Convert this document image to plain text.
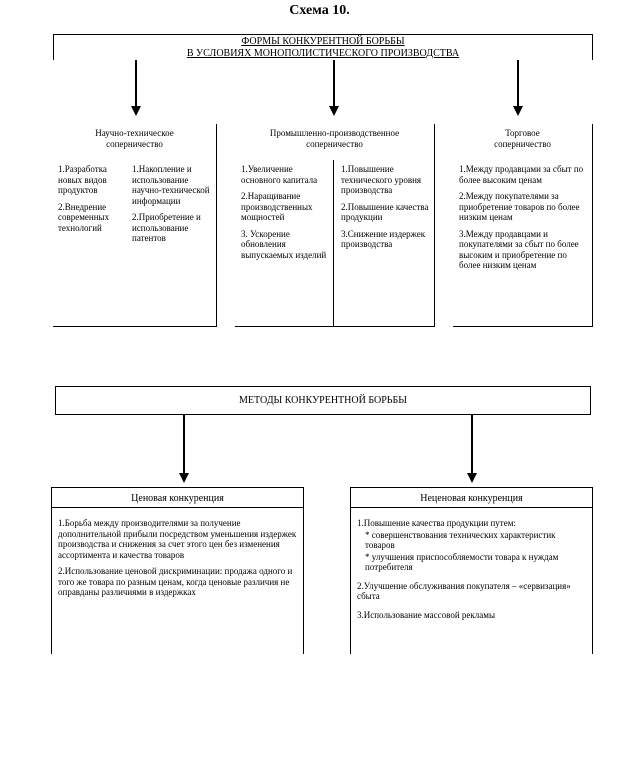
Схема 10.
ФОРМЫ КОНКУРЕНТНОЙ БОРЬБЫ
В УСЛОВИЯХ МОНОПОЛИСТИЧЕСКОГО ПРОИЗВОДСТВА
Научно-техническое соперничество

1.Разработка новых видов продуктов

2.Внедрение современных технологий

1.Накопление и использование научно-технической информации

2.Приобретение и использование патентов

Промышленно-производственное соперничество

1.Увеличение основного капитала

2.Наращивание производственных мощностей

3. Ускорение обновления выпускаемых изделий

1.Повышение технического уровня производства

2.Повышение качества продукции

3.Снижение издержек производства

Торговое соперничество

1.Между продавцами за сбыт по более высоким ценам

2.Между покупателями за приобретение товаров по более низким ценам

3.Между продавцами и покупателями за сбыт по более высоким и приобретение по более низким ценам

МЕТОДЫ КОНКУРЕНТНОЙ БОРЬБЫ
Ценовая конкуренция

1.Борьба между производителями за получение дополнительной прибыли посредством уменьшения издержек производства и снижения за счет этого цен без изменения ассортимента и качества товаров

2.Использование ценовой дискриминации: продажа одного и того же товара по разным ценам, когда ценовые различия не оправданы различиями в издержках

Неценовая конкуренция

1.Повышение качества продукции путем:

* совершенствования технических характеристик товаров

* улучшения приспособляемости товара к нуждам потребителя

2.Улучшение обслуживания покупателя – «сервизация» сбыта

3.Использование массовой рекламы
